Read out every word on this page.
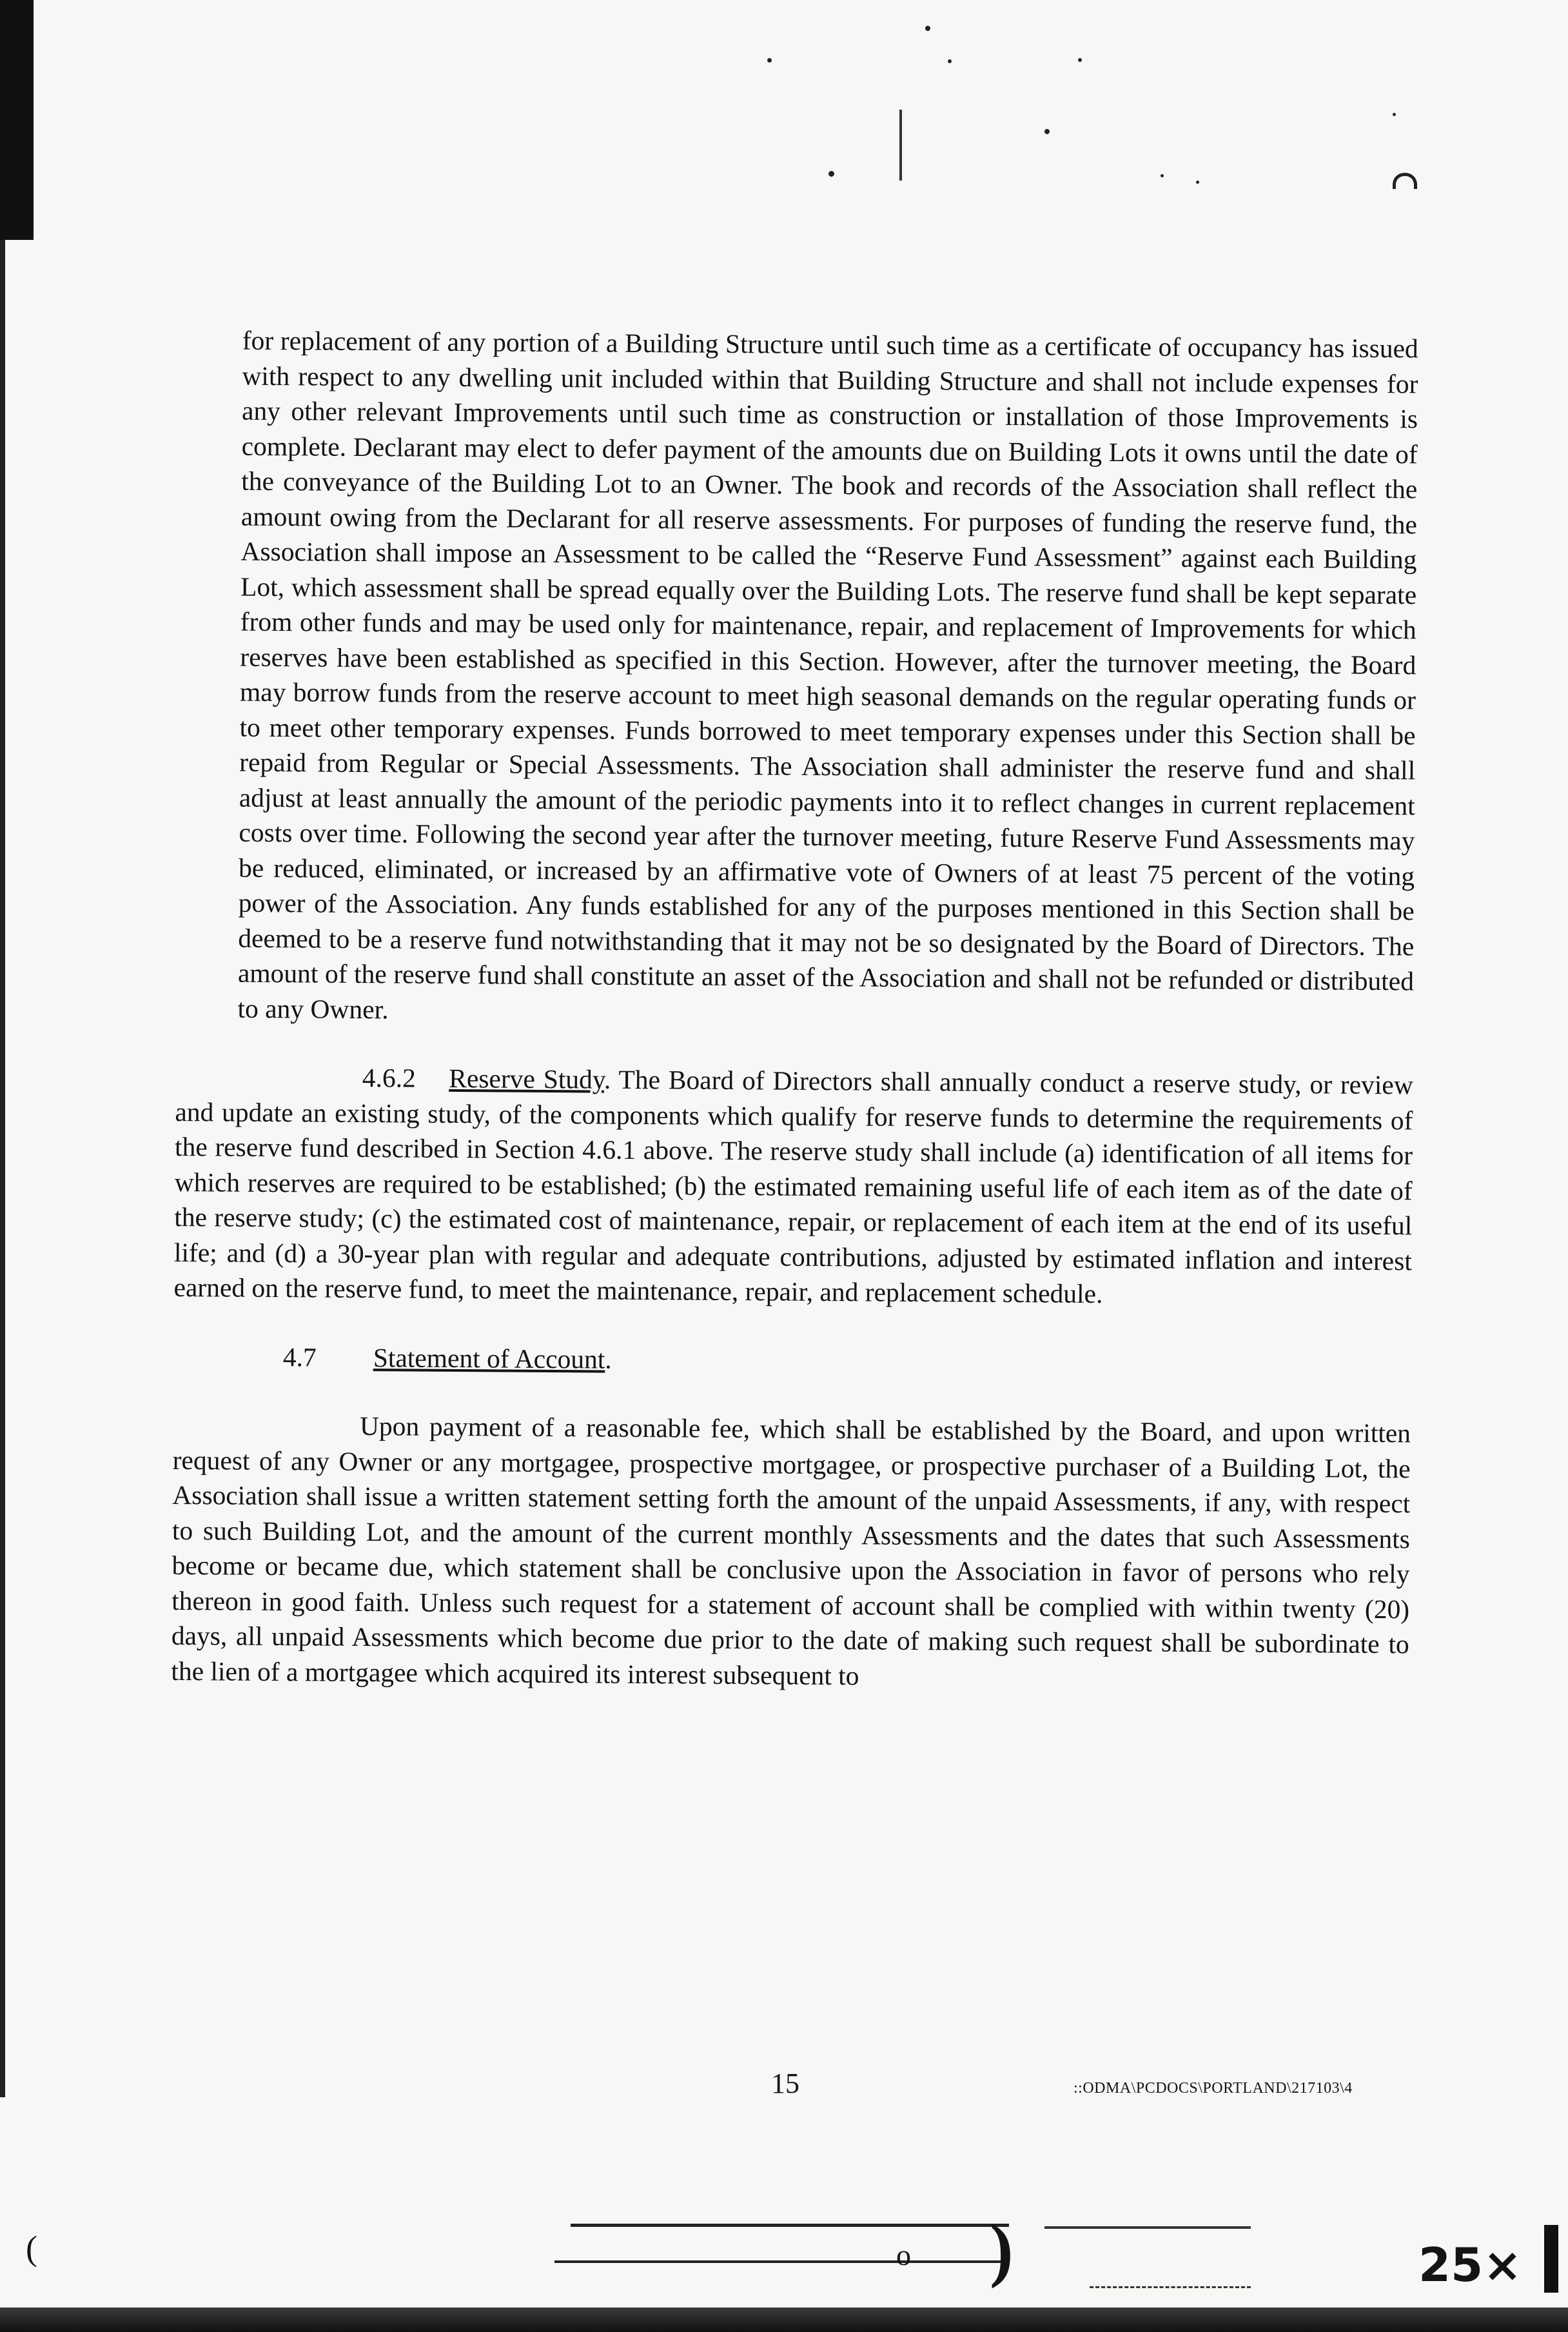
for replacement of any portion of a Building Structure until such time as a certificate of occupancy has issued with respect to any dwelling unit included within that Building Structure and shall not include expenses for any other relevant Improvements until such time as construction or installation of those Improvements is complete. Declarant may elect to defer payment of the amounts due on Building Lots it owns until the date of the conveyance of the Building Lot to an Owner. The book and records of the Association shall reflect the amount owing from the Declarant for all reserve assessments. For purposes of funding the reserve fund, the Association shall impose an Assessment to be called the “Reserve Fund Assessment” against each Building Lot, which assessment shall be spread equally over the Building Lots. The reserve fund shall be kept separate from other funds and may be used only for maintenance, repair, and replacement of Improvements for which reserves have been established as specified in this Section. However, after the turnover meeting, the Board may borrow funds from the reserve account to meet high seasonal demands on the regular operating funds or to meet other temporary expenses. Funds borrowed to meet temporary expenses under this Section shall be repaid from Regular or Special Assessments. The Association shall administer the reserve fund and shall adjust at least annually the amount of the periodic payments into it to reflect changes in current replacement costs over time. Following the second year after the turnover meeting, future Reserve Fund Assessments may be reduced, eliminated, or increased by an affirmative vote of Owners of at least 75 percent of the voting power of the Association. Any funds established for any of the purposes mentioned in this Section shall be deemed to be a reserve fund notwithstanding that it may not be so designated by the Board of Directors. The amount of the reserve fund shall constitute an asset of the Association and shall not be refunded or distributed to any Owner.

4.6.2 Reserve Study. The Board of Directors shall annually conduct a reserve study, or review and update an existing study, of the components which qualify for reserve funds to determine the requirements of the reserve fund described in Section 4.6.1 above. The reserve study shall include (a) identification of all items for which reserves are required to be established; (b) the estimated remaining useful life of each item as of the date of the reserve study; (c) the estimated cost of maintenance, repair, or replacement of each item at the end of its useful life; and (d) a 30-year plan with regular and adequate contributions, adjusted by estimated inflation and interest earned on the reserve fund, to meet the maintenance, repair, and replacement schedule.

4.7 Statement of Account.

Upon payment of a reasonable fee, which shall be established by the Board, and upon written request of any Owner or any mortgagee, prospective mortgagee, or prospective purchaser of a Building Lot, the Association shall issue a written statement setting forth the amount of the unpaid Assessments, if any, with respect to such Building Lot, and the amount of the current monthly Assessments and the dates that such Assessments become or became due, which statement shall be conclusive upon the Association in favor of persons who rely thereon in good faith. Unless such request for a statement of account shall be complied with within twenty (20) days, all unpaid Assessments which become due prior to the date of making such request shall be subordinate to the lien of a mortgagee which acquired its interest subsequent to

15	::ODMA\PCDOCS\PORTLAND\217103\4
(	o )	25×
